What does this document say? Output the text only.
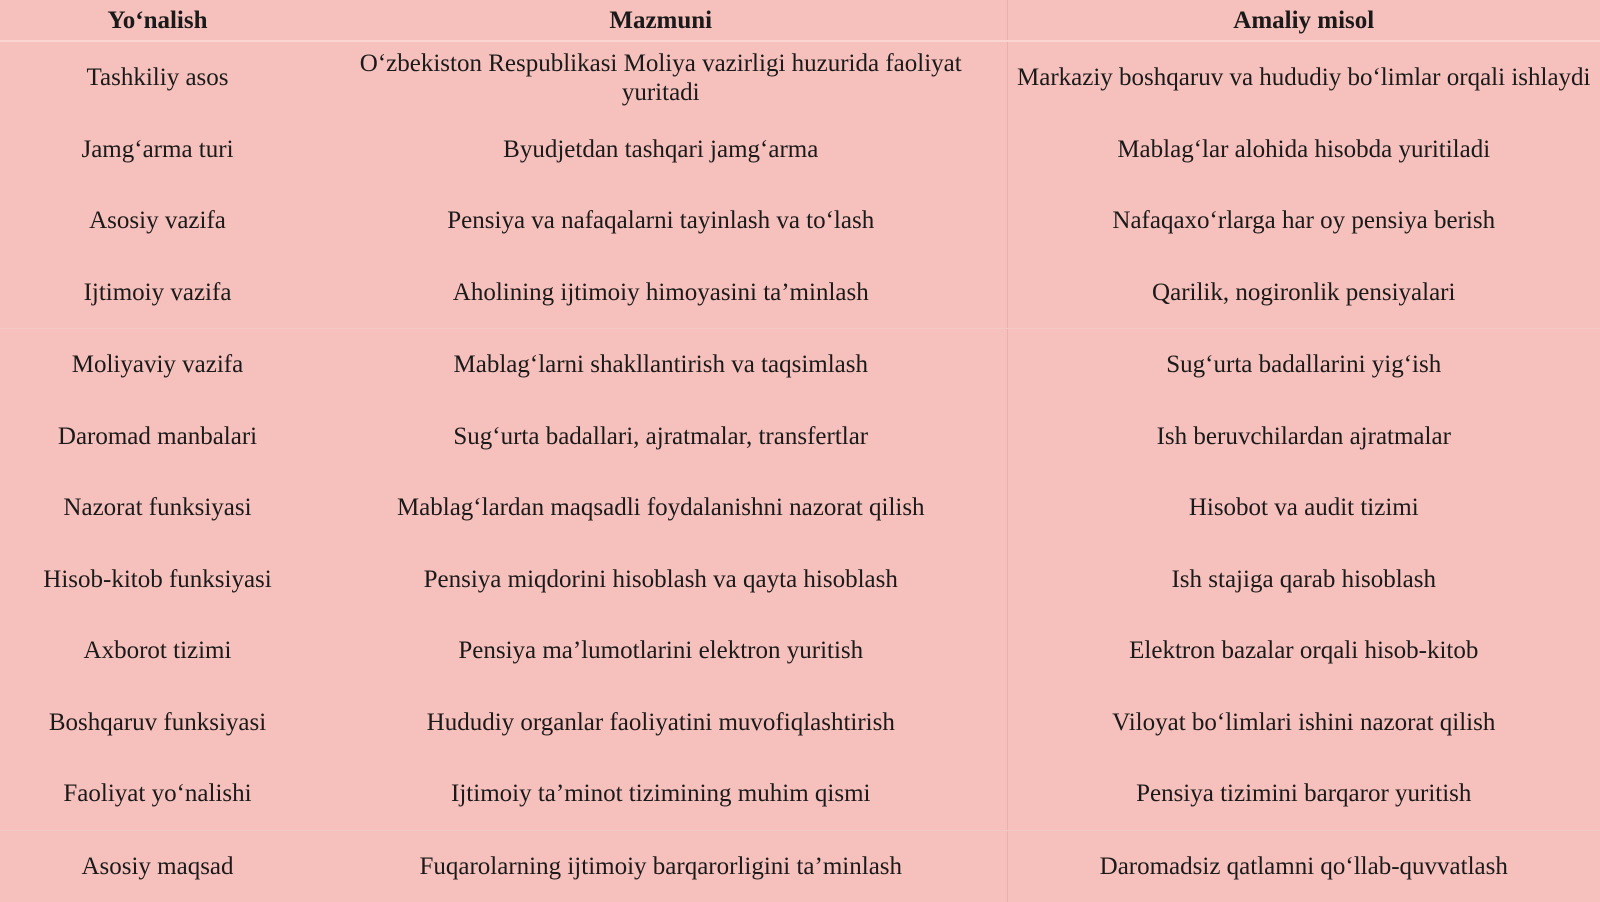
Yo‘nalish	Mazmuni	Amaliy misol
Tashkiliy asos	O‘zbekiston Respublikasi Moliya vazirligi huzurida faoliyat yuritadi	Markaziy boshqaruv va hududiy bo‘limlar orqali ishlaydi
Jamg‘arma turi	Byudjetdan tashqari jamg‘arma	Mablag‘lar alohida hisobda yuritiladi
Asosiy vazifa	Pensiya va nafaqalarni tayinlash va to‘lash	Nafaqaxo‘rlarga har oy pensiya berish
Ijtimoiy vazifa	Aholining ijtimoiy himoyasini ta’minlash	Qarilik, nogironlik pensiyalari
Moliyaviy vazifa	Mablag‘larni shakllantirish va taqsimlash	Sug‘urta badallarini yig‘ish
Daromad manbalari	Sug‘urta badallari, ajratmalar, transfertlar	Ish beruvchilardan ajratmalar
Nazorat funksiyasi	Mablag‘lardan maqsadli foydalanishni nazorat qilish	Hisobot va audit tizimi
Hisob-kitob funksiyasi	Pensiya miqdorini hisoblash va qayta hisoblash	Ish stajiga qarab hisoblash
Axborot tizimi	Pensiya ma’lumotlarini elektron yuritish	Elektron bazalar orqali hisob-kitob
Boshqaruv funksiyasi	Hududiy organlar faoliyatini muvofiqlashtirish	Viloyat bo‘limlari ishini nazorat qilish
Faoliyat yo‘nalishi	Ijtimoiy ta’minot tizimining muhim qismi	Pensiya tizimini barqaror yuritish
Asosiy maqsad	Fuqarolarning ijtimoiy barqarorligini ta’minlash	Daromadsiz qatlamni qo‘llab-quvvatlash
